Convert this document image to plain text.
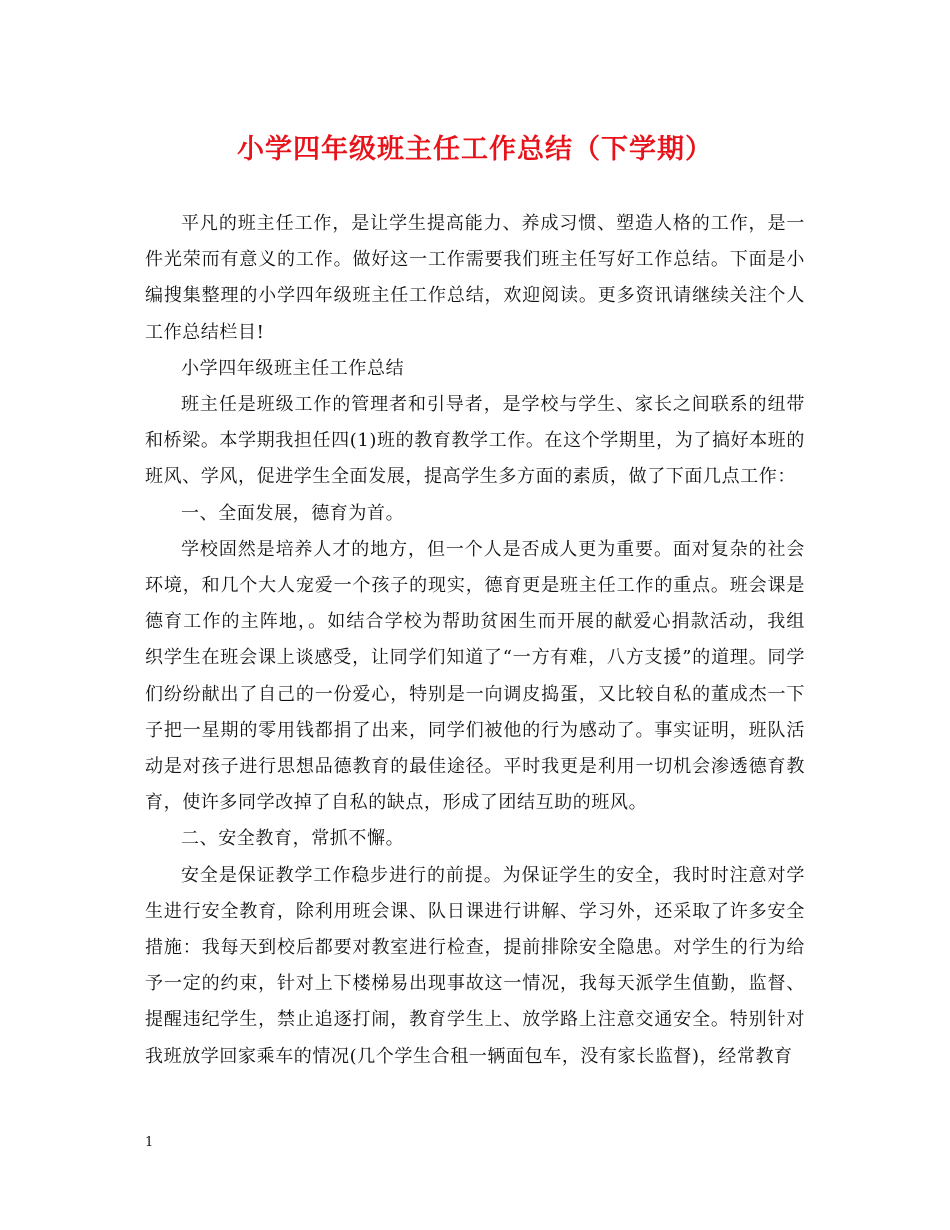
小学四年级班主任工作总结（下学期）

平凡的班主任工作，是让学生提高能力、养成习惯、塑造人格的工作，是一件光荣而有意义的工作。做好这一工作需要我们班主任写好工作总结。下面是小编搜集整理的小学四年级班主任工作总结，欢迎阅读。更多资讯请继续关注个人工作总结栏目!

小学四年级班主任工作总结

班主任是班级工作的管理者和引导者，是学校与学生、家长之间联系的纽带和桥梁。本学期我担任四(1)班的教育教学工作。在这个学期里，为了搞好本班的班风、学风，促进学生全面发展，提高学生多方面的素质，做了下面几点工作：

一、全面发展，德育为首。

学校固然是培养人才的地方，但一个人是否成人更为重要。面对复杂的社会环境，和几个大人宠爱一个孩子的现实，德育更是班主任工作的重点。班会课是德育工作的主阵地，。如结合学校为帮助贫困生而开展的献爱心捐款活动，我组织学生在班会课上谈感受，让同学们知道了“一方有难，八方支援”的道理。同学们纷纷献出了自己的一份爱心，特别是一向调皮捣蛋，又比较自私的董成杰一下子把一星期的零用钱都捐了出来，同学们被他的行为感动了。事实证明，班队活动是对孩子进行思想品德教育的最佳途径。平时我更是利用一切机会渗透德育教育，使许多同学改掉了自私的缺点，形成了团结互助的班风。

二、安全教育，常抓不懈。

安全是保证教学工作稳步进行的前提。为保证学生的安全，我时时注意对学生进行安全教育，除利用班会课、队日课进行讲解、学习外，还采取了许多安全措施：我每天到校后都要对教室进行检查，提前排除安全隐患。对学生的行为给予一定的约束，针对上下楼梯易出现事故这一情况，我每天派学生值勤，监督、提醒违纪学生，禁止追逐打闹，教育学生上、放学路上注意交通安全。特别针对我班放学回家乘车的情况(几个学生合租一辆面包车，没有家长监督)，经常教育

1
